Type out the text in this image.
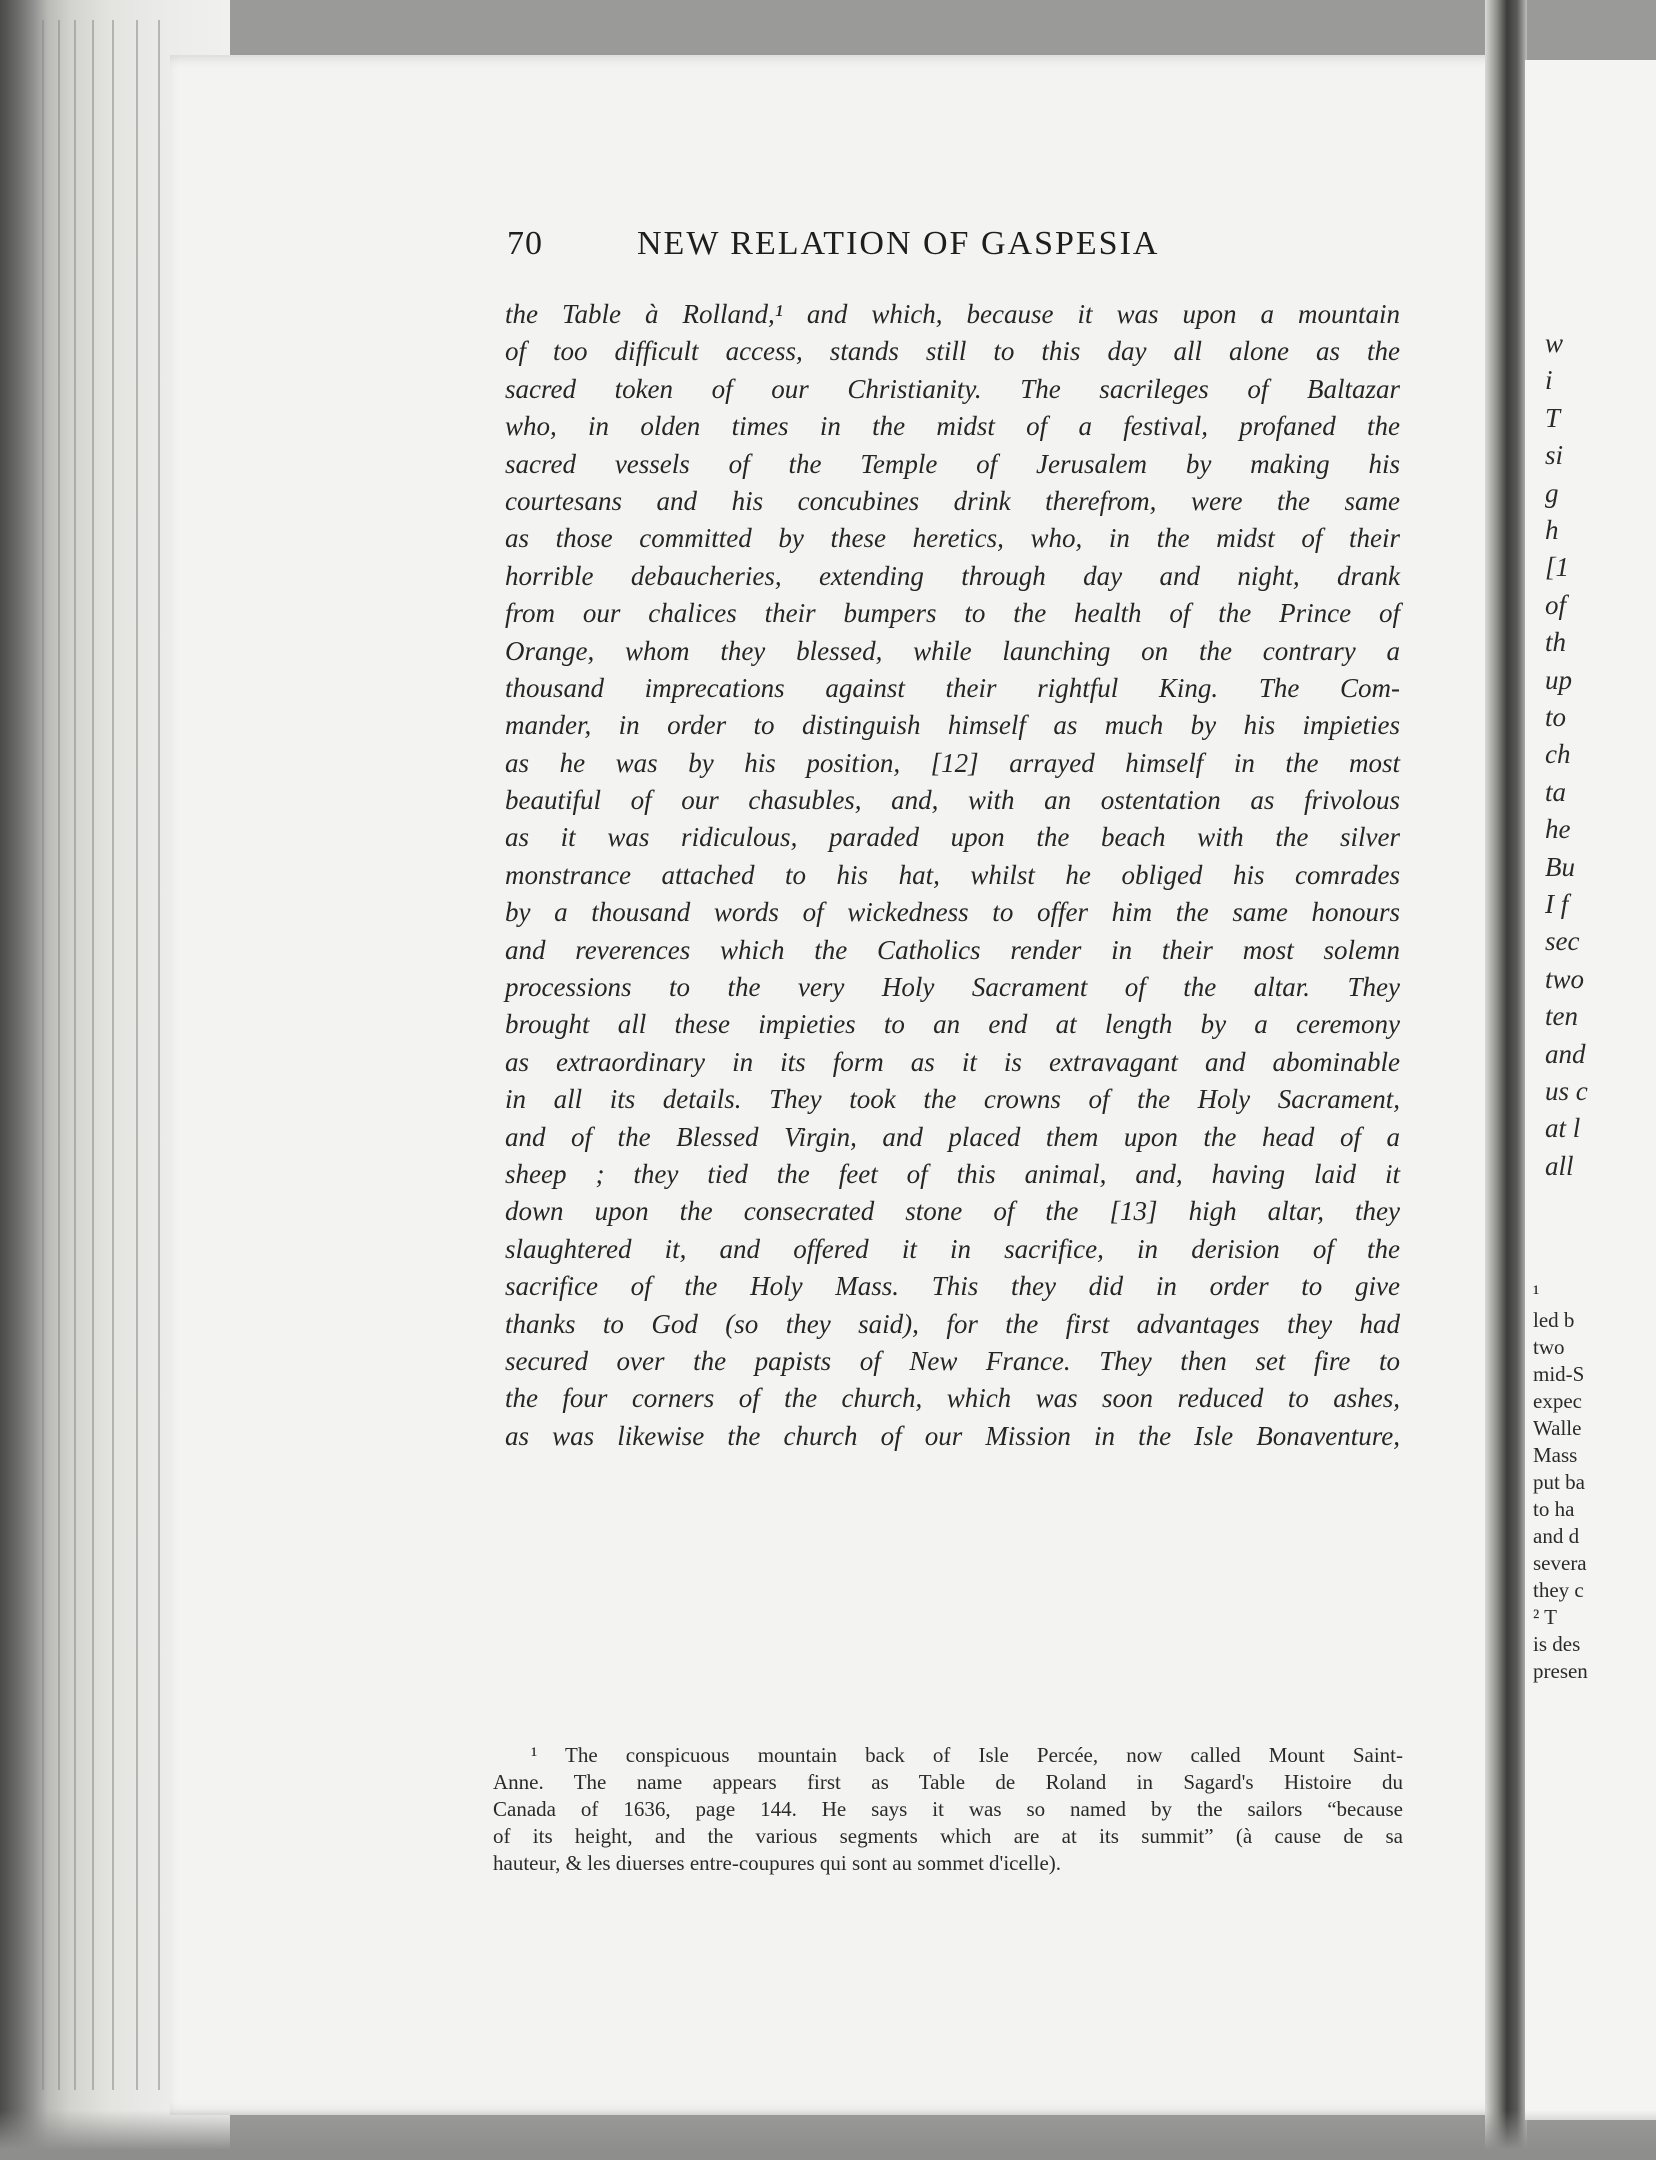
70	NEW RELATION OF GASPESIA
the Table à Rolland,¹ and which, because it was upon a mountain
of too difficult access, stands still to this day all alone as the
sacred token of our Christianity. The sacrileges of Baltazar
who, in olden times in the midst of a festival, profaned the
sacred vessels of the Temple of Jerusalem by making his
courtesans and his concubines drink therefrom, were the same
as those committed by these heretics, who, in the midst of their
horrible debaucheries, extending through day and night, drank
from our chalices their bumpers to the health of the Prince of
Orange, whom they blessed, while launching on the contrary a
thousand imprecations against their rightful King. The Com-
mander, in order to distinguish himself as much by his impieties
as he was by his position, [12] arrayed himself in the most
beautiful of our chasubles, and, with an ostentation as frivolous
as it was ridiculous, paraded upon the beach with the silver
monstrance attached to his hat, whilst he obliged his comrades
by a thousand words of wickedness to offer him the same honours
and reverences which the Catholics render in their most solemn
processions to the very Holy Sacrament of the altar. They
brought all these impieties to an end at length by a ceremony
as extraordinary in its form as it is extravagant and abominable
in all its details. They took the crowns of the Holy Sacrament,
and of the Blessed Virgin, and placed them upon the head of a
sheep ; they tied the feet of this animal, and, having laid it
down upon the consecrated stone of the [13] high altar, they
slaughtered it, and offered it in sacrifice, in derision of the
sacrifice of the Holy Mass. This they did in order to give
thanks to God (so they said), for the first advantages they had
secured over the papists of New France. They then set fire to
the four corners of the church, which was soon reduced to ashes,
as was likewise the church of our Mission in the Isle Bonaventure,
¹ The conspicuous mountain back of Isle Percée, now called Mount Saint-
Anne. The name appears first as Table de Roland in Sagard's Histoire du
Canada of 1636, page 144. He says it was so named by the sailors “because
of its height, and the various segments which are at its summit” (à cause de sa
hauteur, & les diuerses entre-coupures qui sont au sommet d'icelle).
w
i
T
si
g
h
[1
of
th
up
to
ch
ta
he
Bu
I f
sec
two
ten
and
us c
at l
all
¹
led b
two
mid-S
expec
Walle
Mass
put ba
to ha
and d
severa
they c
² T
is des
presen
